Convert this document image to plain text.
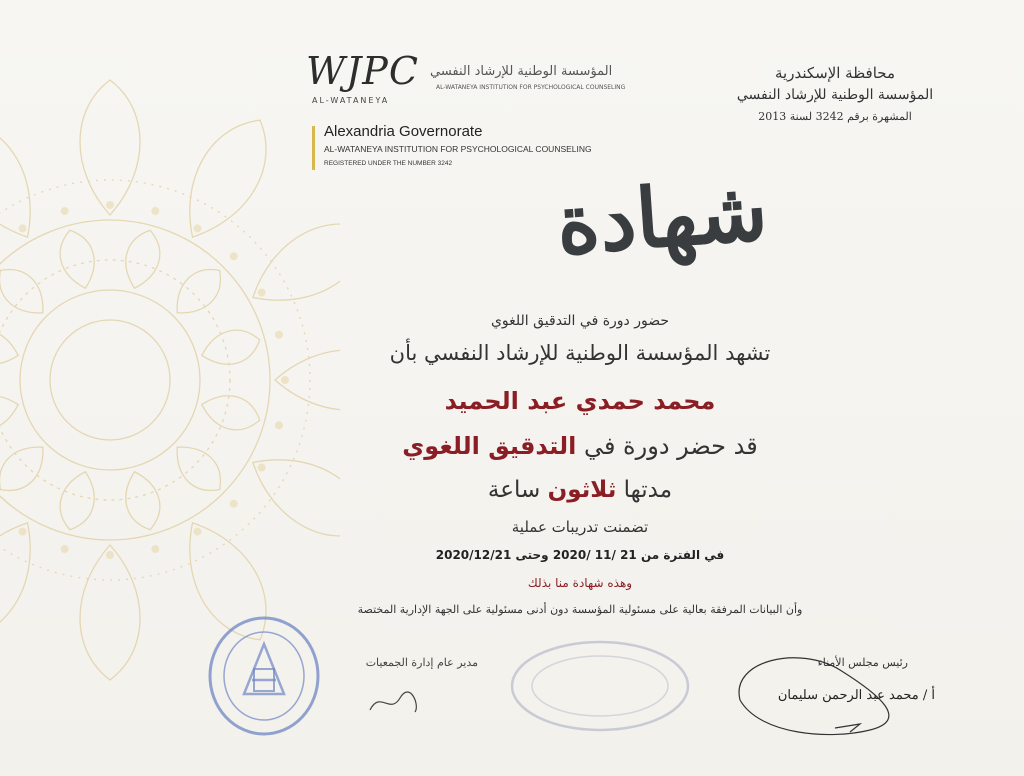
WJPC
AL-WATANEYA
المؤسسة الوطنية للإرشاد النفسي
AL-WATANEYA INSTITUTION FOR PSYCHOLOGICAL COUNSELING
Alexandria Governorate
AL-WATANEYA INSTITUTION FOR PSYCHOLOGICAL COUNSELING
REGISTERED UNDER THE NUMBER 3242
محافظة الإسكندرية
المؤسسة الوطنية للإرشاد النفسي
المشهرة برقم 3242 لسنة 2013
شهادة
حضور دورة في التدقيق اللغوي
تشهد المؤسسة الوطنية للإرشاد النفسي بأن
محمد حمدي عبد الحميد
قد حضر دورة في التدقيق اللغوي
مدتها ثلاثون ساعة
تضمنت تدريبات عملية
في الفترة من 21 /11 /2020 وحتى 2020/12/21
وهذه شهادة منا بذلك
وأن البيانات المرفقة بعالية على مسئولية المؤسسة دون أدنى مسئولية على الجهة الإدارية المختصة
مدير عام إدارة الجمعيات	رئيس مجلس الأمناء
أ / محمد عبد الرحمن سليمان
